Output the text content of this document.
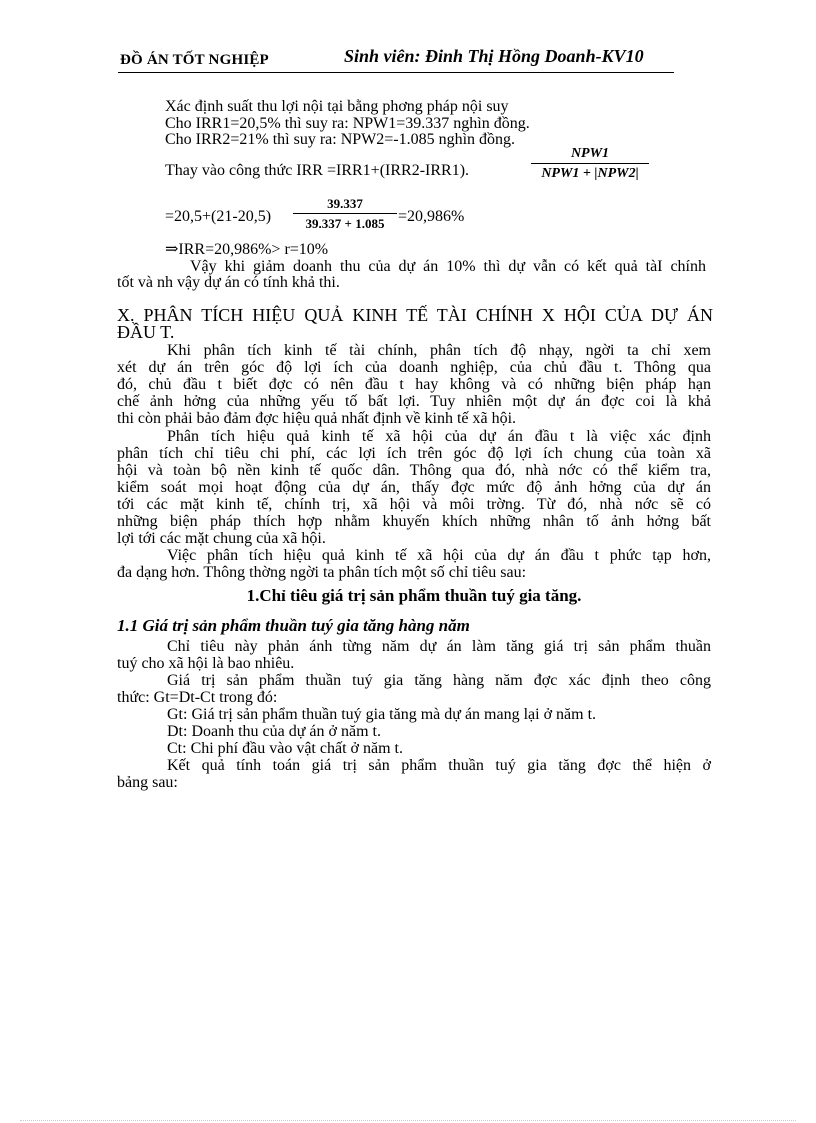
ĐỒ ÁN TỐT NGHIỆP	Sinh viên: Đinh Thị Hồng Doanh-KV10
Xác định suất thu lợi nội tại bằng phơng pháp nội suy
Cho IRR1=20,5% thì suy ra: NPW1=39.337 nghìn đồng.
Cho IRR2=21% thì suy ra: NPW2=-1.085 nghìn đồng.
Thay vào công thức IRR =IRR1+(IRR2-IRR1).
NPW1
NPW1 + |NPW2|
$=20,5+(21-20,5) \frac{39.337}{39.337 + 1.085} =20,986\%$
⇒IRR=20,986%> r=10%
Vậy khi giảm doanh thu của dự án 10% thì dự vẫn có kết quả tàI chính
tốt và nh vậy dự án có tính khả thi.
X. PHÂN TÍCH HIỆU QUẢ KINH TẾ TÀI CHÍNH X HỘI CỦA DỰ ÁN
ĐẦU T.
Khi phân tích kinh tế tài chính, phân tích độ nhạy, ngời ta chỉ xem
xét dự án trên góc độ lợi ích của doanh nghiệp, của chủ đầu t. Thông qua
đó, chủ đầu t biết đợc có nên đầu t hay không và có những biện pháp hạn
chế ảnh hởng của những yếu tố bất lợi. Tuy nhiên một dự án đợc coi là khả
thi còn phải bảo đảm đợc hiệu quả nhất định về kinh tế xã hội.
Phân tích hiệu quả kinh tế xã hội của dự án đầu t là việc xác định
phân tích chỉ tiêu chi phí, các lợi ích trên góc độ lợi ích chung của toàn xã
hội và toàn bộ nền kinh tế quốc dân. Thông qua đó, nhà nớc có thể kiểm tra,
kiểm soát mọi hoạt động của dự án, thấy đợc mức độ ảnh hởng của dự án
tới các mặt kinh tế, chính trị, xã hội và môi trờng. Từ đó, nhà nớc sẽ có
những biện pháp thích hợp nhằm khuyến khích những nhân tố ảnh hởng bất
lợi tới các mặt chung của xã hội.
Việc phân tích hiệu quả kinh tế xã hội của dự án đầu t phức tạp hơn,
đa dạng hơn. Thông thờng ngời ta phân tích một số chỉ tiêu sau:
1.Chỉ tiêu giá trị sản phẩm thuần tuý gia tăng.
1.1 Giá trị sản phẩm thuần tuý gia tăng hàng năm
Chỉ tiêu này phản ánh từng năm dự án làm tăng giá trị sản phẩm thuần
tuý cho xã hội là bao nhiêu.
Giá trị sản phẩm thuần tuý gia tăng hàng năm đợc xác định theo công
thức: Gt=Dt-Ct trong đó:
Gt: Giá trị sản phẩm thuần tuý gia tăng mà dự án mang lại ở năm t.
Dt: Doanh thu của dự án ở năm t.
Ct: Chi phí đầu vào vật chất ở năm t.
Kết quả tính toán giá trị sản phẩm thuần tuý gia tăng đợc thể hiện ở
bảng sau:
